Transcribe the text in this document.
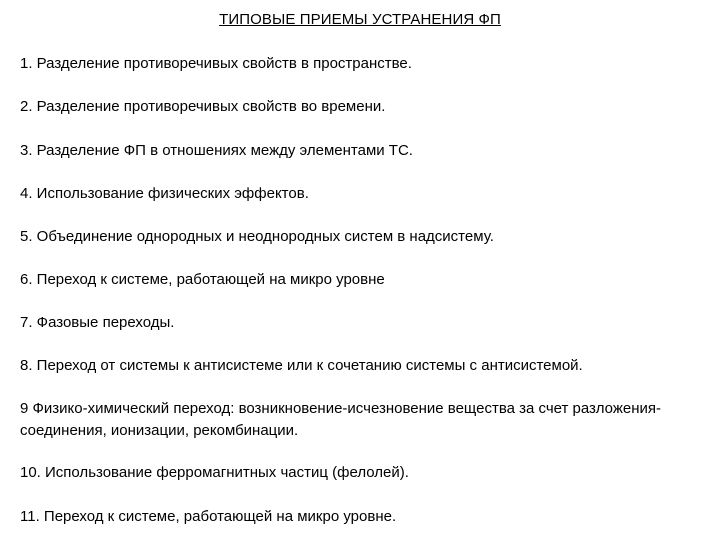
ТИПОВЫЕ ПРИЕМЫ УСТРАНЕНИЯ ФП
1. Разделение противоречивых свойств в пространстве.
2. Разделение противоречивых свойств во времени.
3. Разделение ФП в отношениях между элементами ТС.
4. Использование физических эффектов.
5. Объединение однородных и неоднородных систем в надсистему.
6. Переход к системе, работающей на микро уровне
7. Фазовые переходы.
8. Переход от системы к антисистеме или к сочетанию системы с антисистемой.
9 Физико-химический переход: возникновение-исчезновение вещества за счет разложения- соединения, ионизации, рекомбинации.
10. Использование ферромагнитных частиц (фелолей).
11. Переход к системе, работающей на микро уровне.
